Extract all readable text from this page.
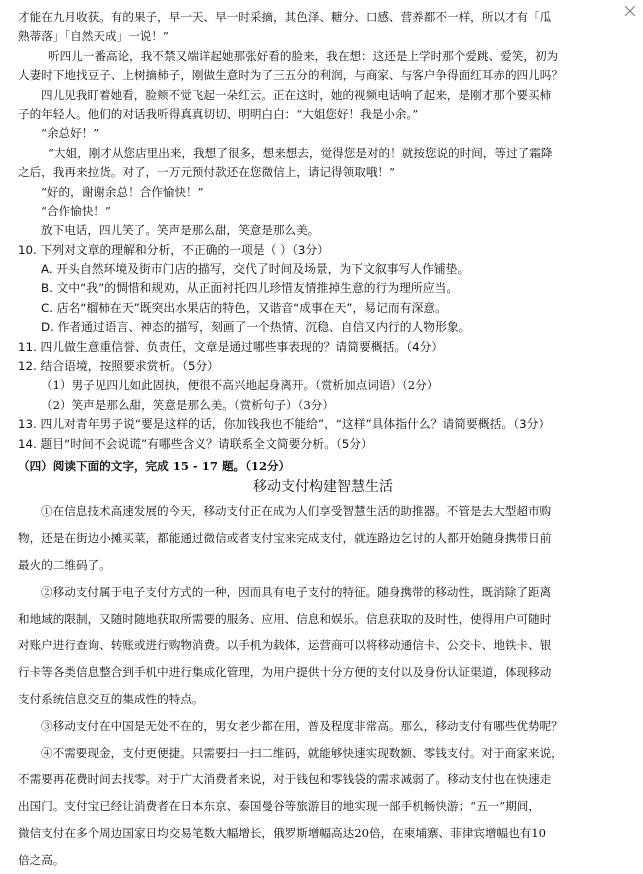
才能在九月收获。有的果子，早一天、早一时采摘，其色泽、糖分、口感、营养都不一样，所以才有「瓜
熟蒂落」「自然天成」一说！”
听四儿一番高论，我不禁又端详起她那张好看的脸来，我在想：这还是上学时那个爱跳、爱笑，初为
人妻时下地找豆子、上树摘柿子，刚做生意时为了三五分的利润，与商家、与客户争得面红耳赤的四儿吗？
四儿见我盯着她看，脸颊不觉飞起一朵红云。正在这时，她的视频电话响了起来，是刚才那个要买柿
子的年轻人。他们的对话我听得真真切切、明明白白：“大姐您好！我是小余。”
“余总好！”
“大姐，刚才从您店里出来，我想了很多，想来想去，觉得您是对的！就按您说的时间，等过了霜降
之后，我再来拉货。对了，一万元预付款还在您微信上，请记得领取哦！”
“好的，谢谢余总！合作愉快！”
“合作愉快！”
放下电话，四儿笑了。笑声是那么甜，笑意是那么美。
10. 下列对文章的理解和分析，不正确的一项是（ ）（3分）
A. 开头自然环境及街市门店的描写，交代了时间及场景，为下文叙事写人作铺垫。
B. 文中“我”的惆惜和规劝，从正面衬托四儿珍惜友情推掉生意的行为理所应当。
C. 店名“榴柿在天”既突出水果店的特色，又谐音“成事在天”，易记而有深意。
D. 作者通过语言、神态的描写，刻画了一个热情、沉稳、自信又内行的人物形象。
11. 四儿做生意重信誉、负责任，文章是通过哪些事表现的？请简要概括。（4分）
12. 结合语境，按照要求赏析。（5分）
（1）男子见四儿如此固执，便很不高兴地起身离开。（赏析加点词语）（2分）
（2）笑声是那么甜，笑意是那么美。（赏析句子）（3分）
13. 四儿对青年男子说“要是这样的话，你加钱我也不能给”，“这样”具体指什么？请简要概括。（3分）
14. 题目“时间不会说谎”有哪些含义？请联系全文简要分析。（5分）
（四）阅读下面的文字，完成 15 - 17 题。（12分）
移动支付构建智慧生活
①在信息技术高速发展的今天，移动支付正在成为人们享受智慧生活的助推器。不管是去大型超市购
物，还是在街边小摊买菜，都能通过微信或者支付宝来完成支付，就连路边乞讨的人都开始随身携带日前
最火的二维码了。
②移动支付属于电子支付方式的一种，因而具有电子支付的特征。随身携带的移动性，既消除了距离
和地域的限制，又随时随地获取所需要的服务、应用、信息和娱乐。信息获取的及时性，使得用户可随时
对账户进行查询、转账或进行购物消费。以手机为载体，运营商可以将移动通信卡、公交卡、地铁卡、银
行卡等各类信息整合到手机中进行集成化管理，为用户提供十分方便的支付以及身份认证渠道，体现移动
支付系统信息交互的集成性的特点。
③移动支付在中国是无处不在的，男女老少都在用，普及程度非常高。那么，移动支付有哪些优势呢？
④不需要现金，支付更便捷。只需要扫一扫二维码，就能够快速实现数额、零钱支付。对于商家来说，
不需要再花费时间去找零。对于广大消费者来说，对于钱包和零钱袋的需求减弱了。移动支付也在快速走
出国门。支付宝已经让消费者在日本东京、泰国曼谷等旅游目的地实现一部手机畅快游；“五一”期间，
微信支付在多个周边国家日均交易笔数大幅增长，俄罗斯增幅高达20倍，在柬埔寨、菲律宾增幅也有10
倍之高。
